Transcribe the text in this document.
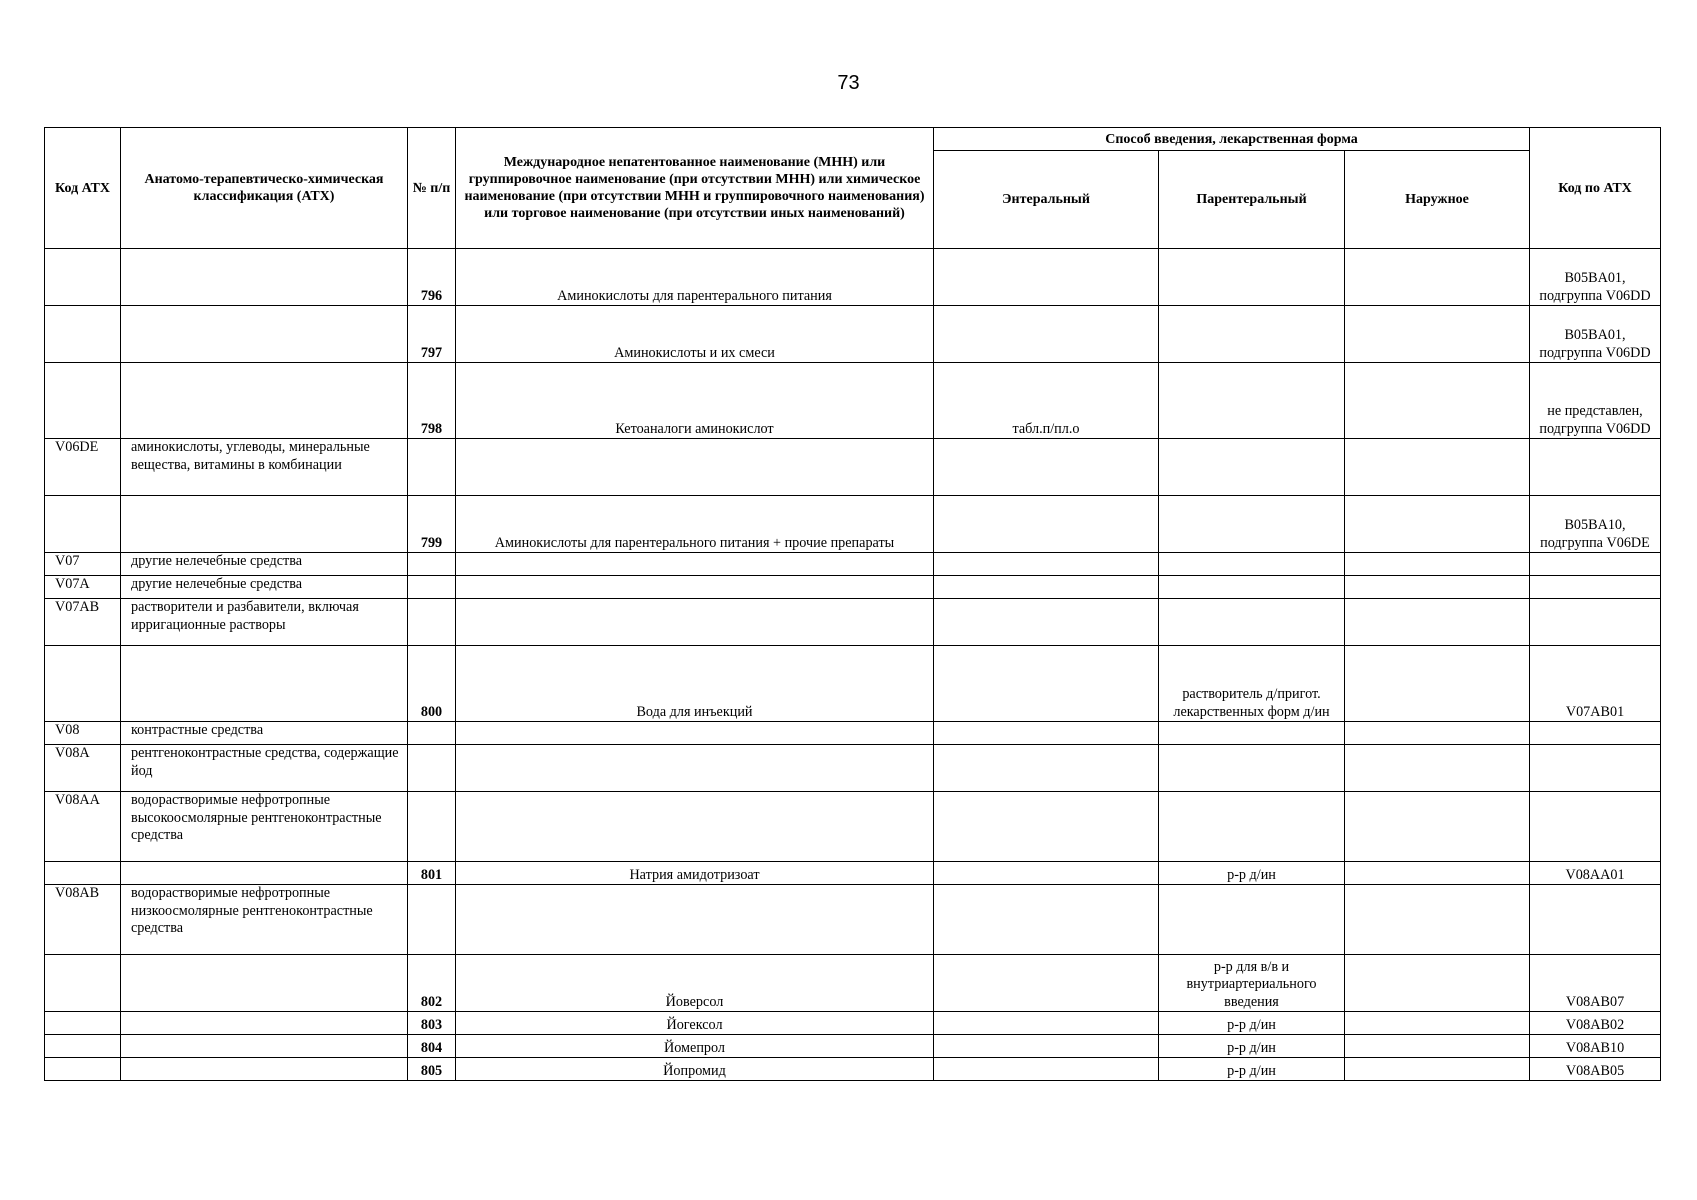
73
Код АТХ	Анатомо-терапевтическо-химическая классификация (АТХ)	№ п/п	Международное непатентованное наименование (МНН) или группировочное наименование (при отсутствии МНН) или химическое наименование (при отсутствии МНН и группировочного наименования) или торговое наименование (при отсутствии иных наименований)	Способ введения, лекарственная форма			Код по АТХ
				Энтеральный	Парентеральный	Наружное	
		796	Аминокислоты для парентерального питания				B05BA01, подгруппа V06DD
		797	Аминокислоты и их смеси				B05BA01, подгруппа V06DD
		798	Кетоаналоги аминокислот	табл.п/пл.о			не представлен, подгруппа V06DD
V06DE	аминокислоты, углеводы, минеральные вещества, витамины в комбинации						
		799	Аминокислоты для парентерального питания + прочие препараты				B05BA10, подгруппа V06DE
V07	другие нелечебные средства						
V07A	другие нелечебные средства						
V07AB	растворители и разбавители, включая ирригационные растворы						
		800	Вода для инъекций		растворитель д/пригот. лекарственных форм д/ин		V07AB01
V08	контрастные средства						
V08A	рентгеноконтрастные средства, содержащие йод						
V08AA	водорастворимые нефротропные высокоосмолярные рентгеноконтрастные средства						
		801	Натрия амидотризоат		р-р д/ин		V08AA01
V08AB	водорастворимые нефротропные низкоосмолярные рентгеноконтрастные средства						
		802	Йоверсол		р-р для в/в и внутриартериального введения		V08AB07
		803	Йогексол		р-р д/ин		V08AB02
		804	Йомепрол		р-р д/ин		V08AB10
		805	Йопромид		р-р д/ин		V08AB05
